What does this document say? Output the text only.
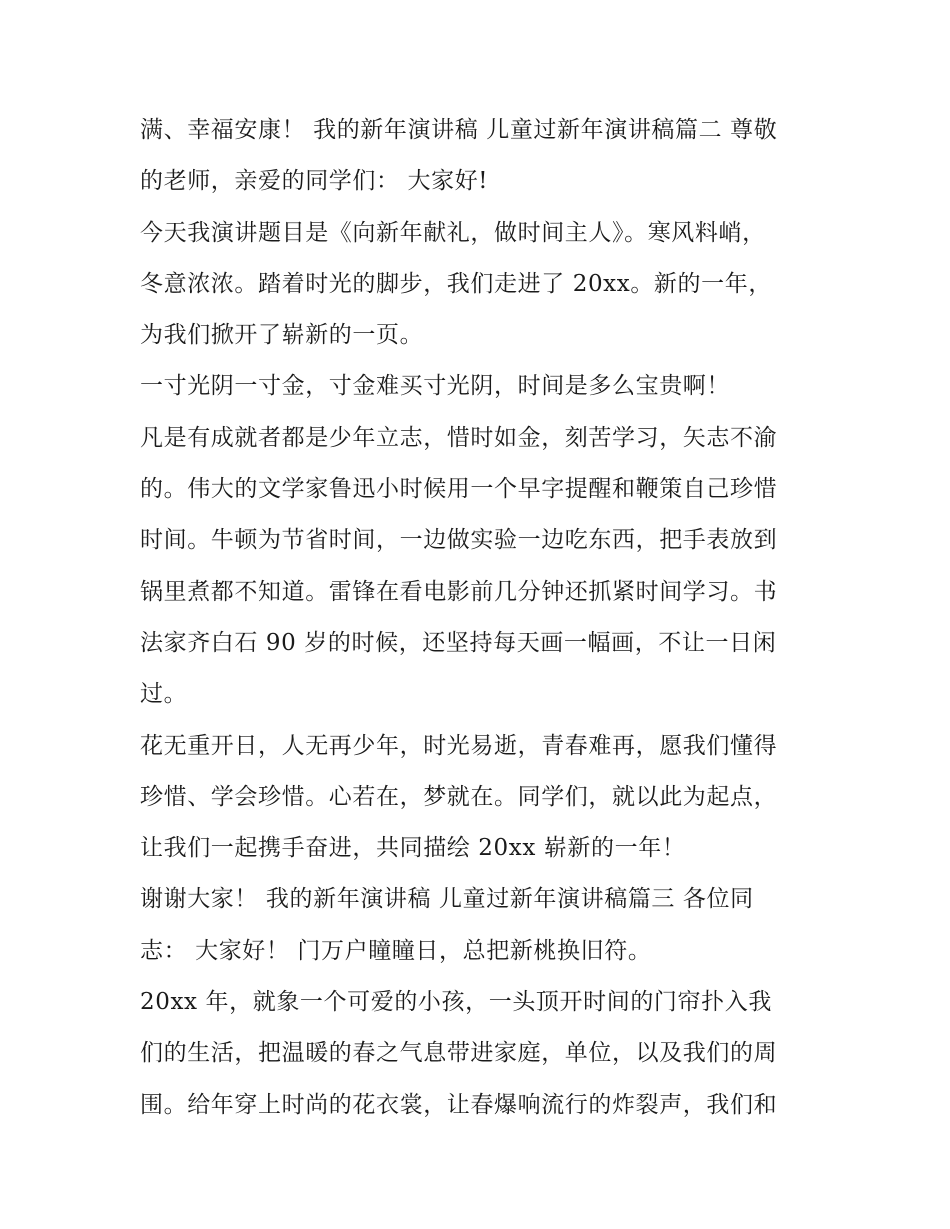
满、幸福安康！ 我的新年演讲稿 儿童过新年演讲稿篇二 尊敬
的老师，亲爱的同学们： 大家好!
今天我演讲题目是《向新年献礼，做时间主人》。寒风料峭，
冬意浓浓。踏着时光的脚步，我们走进了 20xx。新的一年，
为我们掀开了崭新的一页。
一寸光阴一寸金，寸金难买寸光阴，时间是多么宝贵啊！
凡是有成就者都是少年立志，惜时如金，刻苦学习，矢志不渝
的。伟大的文学家鲁迅小时候用一个早字提醒和鞭策自己珍惜
时间。牛顿为节省时间，一边做实验一边吃东西，把手表放到
锅里煮都不知道。雷锋在看电影前几分钟还抓紧时间学习。书
法家齐白石 90 岁的时候，还坚持每天画一幅画，不让一日闲
过。
花无重开日，人无再少年，时光易逝，青春难再，愿我们懂得
珍惜、学会珍惜。心若在，梦就在。同学们，就以此为起点，
让我们一起携手奋进，共同描绘 20xx 崭新的一年！
谢谢大家！ 我的新年演讲稿 儿童过新年演讲稿篇三 各位同
志： 大家好！ 门万户瞳瞳日，总把新桃换旧符。
20xx 年，就象一个可爱的小孩，一头顶开时间的门帘扑入我
们的生活，把温暖的春之气息带进家庭，单位，以及我们的周
围。给年穿上时尚的花衣裳，让春爆响流行的炸裂声，我们和
